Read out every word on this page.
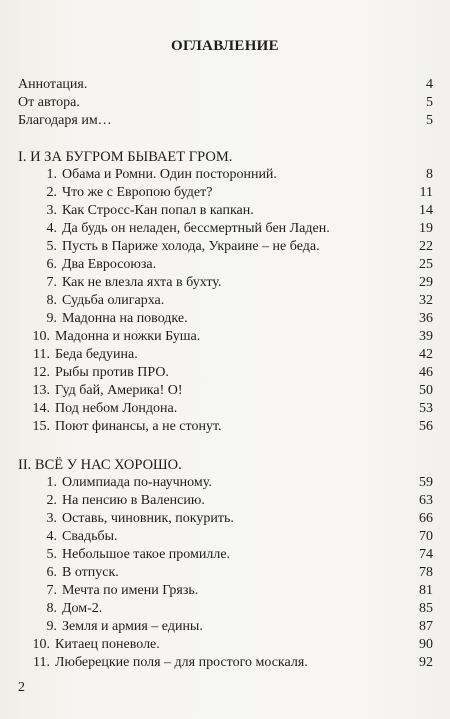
ОГЛАВЛЕНИЕ
Аннотация.	4
От автора.	5
Благодаря им…	5
I. И ЗА БУГРОМ БЫВАЕТ ГРОМ.
1. Обама и Ромни. Один посторонний.	8
2. Что же с Европою будет?	11
3. Как Стросс-Кан попал в капкан.	14
4. Да будь он неладен, бессмертный бен Ладен.	19
5. Пусть в Париже холода, Украине – не беда.	22
6. Два Евросоюза.	25
7. Как не влезла яхта в бухту.	29
8. Судьба олигарха.	32
9. Мадонна на поводке.	36
10. Мадонна и ножки Буша.	39
11. Беда бедуина.	42
12. Рыбы против ПРО.	46
13. Гуд бай, Америка! О!	50
14. Под небом Лондона.	53
15. Поют финансы, а не стонут.	56
II. ВСЁ У НАС ХОРОШО.
1. Олимпиада по-научному.	59
2. На пенсию в Валенсию.	63
3. Оставь, чиновник, покурить.	66
4. Свадьбы.	70
5. Небольшое такое промилле.	74
6. В отпуск.	78
7. Мечта по имени Грязь.	81
8. Дом-2.	85
9. Земля и армия – едины.	87
10. Китаец поневоле.	90
11. Люберецкие поля – для простого москаля.	92
2
